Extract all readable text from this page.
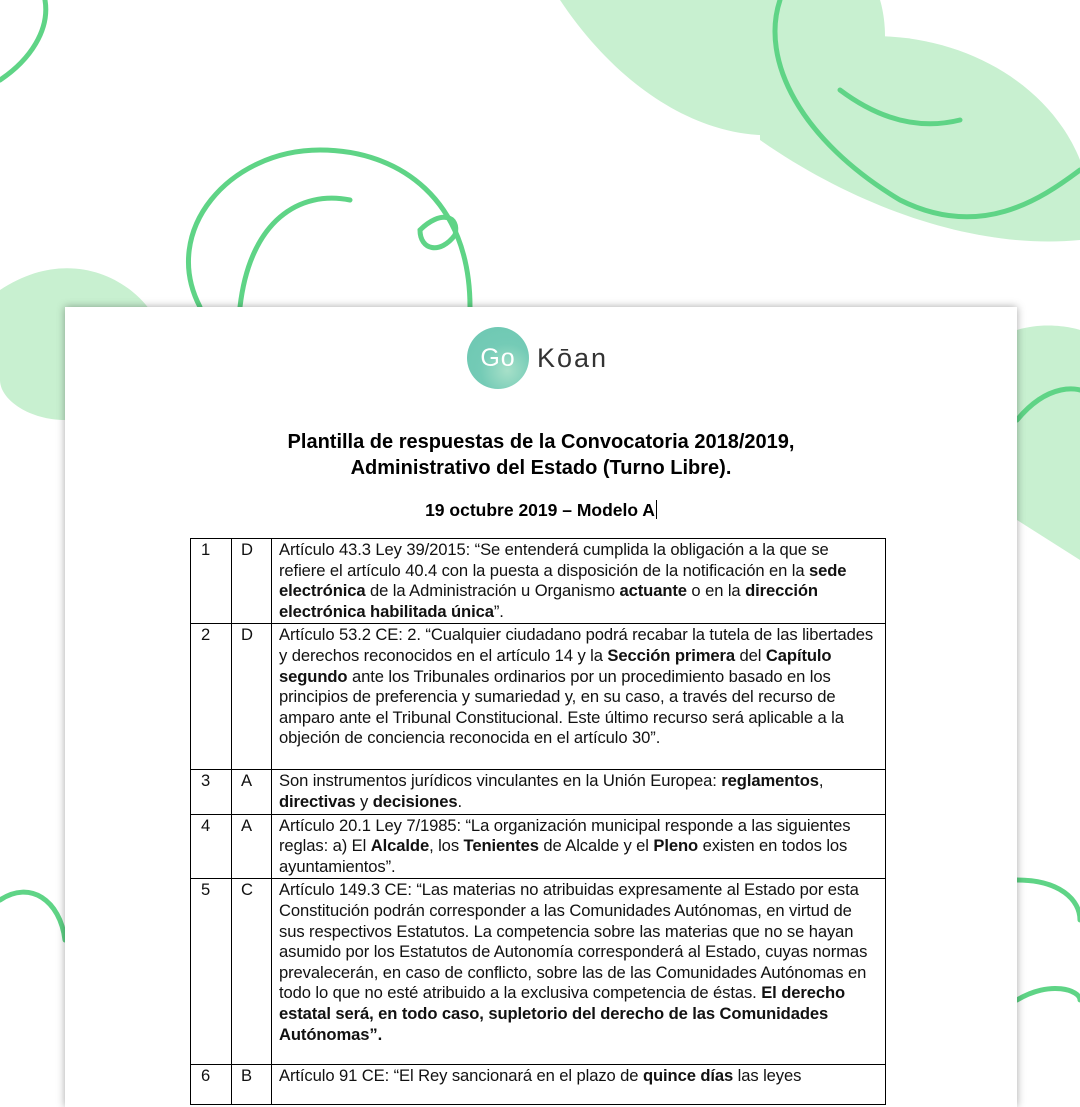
Go Kōan
Plantilla de respuestas de la Convocatoria 2018/2019,
Administrativo del Estado (Turno Libre).
19 octubre 2019 – Modelo A
1	D	Artículo 43.3 Ley 39/2015: “Se entenderá cumplida la obligación a la que se refiere el artículo 40.4 con la puesta a disposición de la notificación en la sede electrónica de la Administración u Organismo actuante o en la dirección electrónica habilitada única”.
2	D	Artículo 53.2 CE: 2. “Cualquier ciudadano podrá recabar la tutela de las libertades y derechos reconocidos en el artículo 14 y la Sección primera del Capítulo segundo ante los Tribunales ordinarios por un procedimiento basado en los principios de preferencia y sumariedad y, en su caso, a través del recurso de amparo ante el Tribunal Constitucional. Este último recurso será aplicable a la objeción de conciencia reconocida en el artículo 30”.
3	A	Son instrumentos jurídicos vinculantes en la Unión Europea: reglamentos, directivas y decisiones.
4	A	Artículo 20.1 Ley 7/1985: “La organización municipal responde a las siguientes reglas: a) El Alcalde, los Tenientes de Alcalde y el Pleno existen en todos los ayuntamientos”.
5	C	Artículo 149.3 CE: “Las materias no atribuidas expresamente al Estado por esta Constitución podrán corresponder a las Comunidades Autónomas, en virtud de sus respectivos Estatutos. La competencia sobre las materias que no se hayan asumido por los Estatutos de Autonomía corresponderá al Estado, cuyas normas prevalecerán, en caso de conflicto, sobre las de las Comunidades Autónomas en todo lo que no esté atribuido a la exclusiva competencia de éstas. El derecho estatal será, en todo caso, supletorio del derecho de las Comunidades Autónomas”.
6	B	Artículo 91 CE: “El Rey sancionará en el plazo de quince días las leyes
